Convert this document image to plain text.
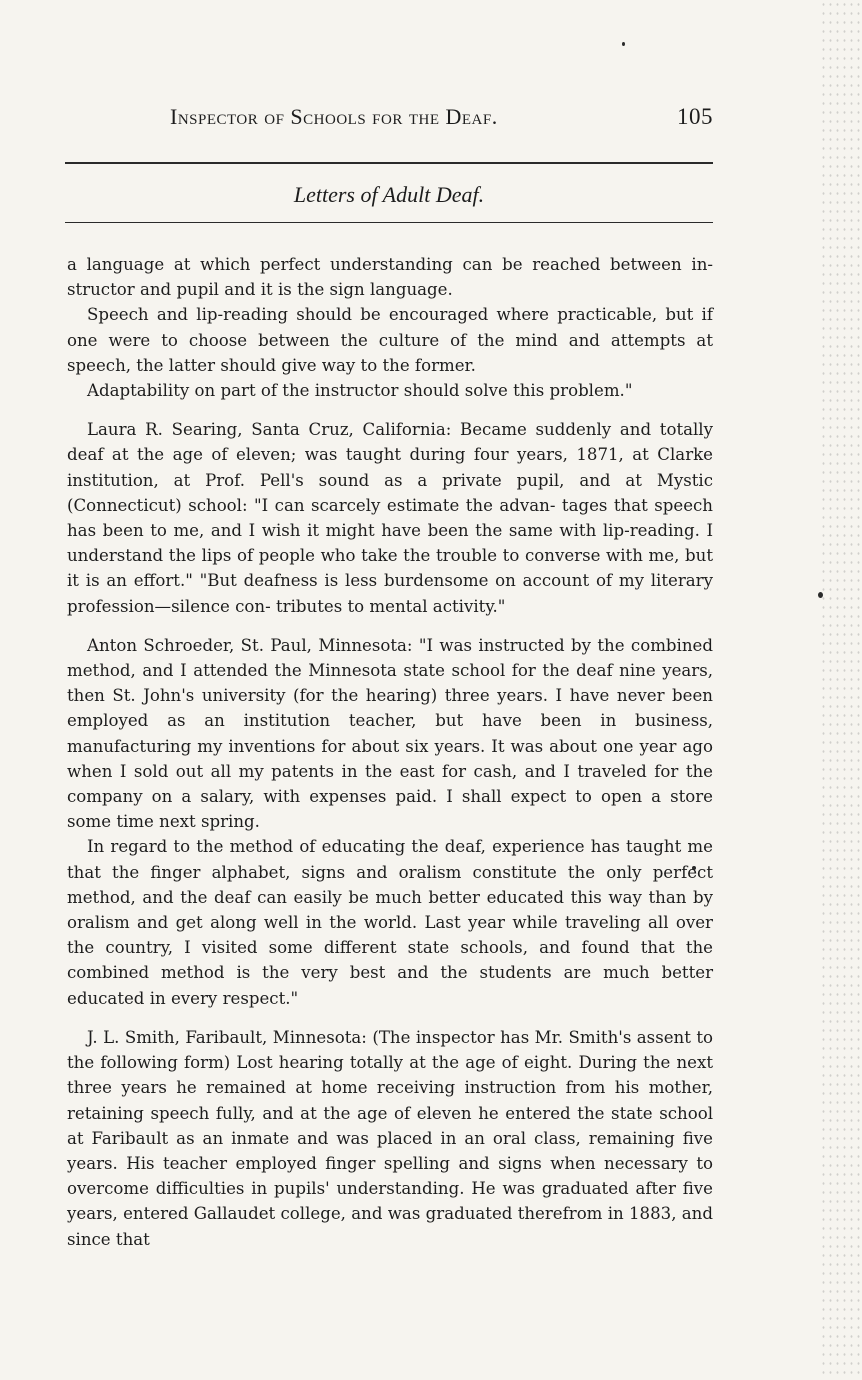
Inspector of Schools for the Deaf.	105
Letters of Adult Deaf.

a language at which perfect understanding can be reached between in- structor and pupil and it is the sign language.

Speech and lip-reading should be encouraged where practicable, but if one were to choose between the culture of the mind and attempts at speech, the latter should give way to the former.

Adaptability on part of the instructor should solve this problem."

Laura R. Searing, Santa Cruz, California: Became suddenly and totally deaf at the age of eleven; was taught during four years, 1871, at Clarke institution, at Prof. Pell's sound as a private pupil, and at Mystic (Connecticut) school: "I can scarcely estimate the advan- tages that speech has been to me, and I wish it might have been the same with lip-reading. I understand the lips of people who take the trouble to converse with me, but it is an effort." "But deafness is less burdensome on account of my literary profession—silence con- tributes to mental activity."

Anton Schroeder, St. Paul, Minnesota: "I was instructed by the combined method, and I attended the Minnesota state school for the deaf nine years, then St. John's university (for the hearing) three years. I have never been employed as an institution teacher, but have been in business, manufacturing my inventions for about six years. It was about one year ago when I sold out all my patents in the east for cash, and I traveled for the company on a salary, with expenses paid. I shall expect to open a store some time next spring.

In regard to the method of educating the deaf, experience has taught me that the finger alphabet, signs and oralism constitute the only perfect method, and the deaf can easily be much better educated this way than by oralism and get along well in the world. Last year while traveling all over the country, I visited some different state schools, and found that the combined method is the very best and the students are much better educated in every respect."

J. L. Smith, Faribault, Minnesota: (The inspector has Mr. Smith's assent to the following form) Lost hearing totally at the age of eight. During the next three years he remained at home receiving instruction from his mother, retaining speech fully, and at the age of eleven he entered the state school at Faribault as an inmate and was placed in an oral class, remaining five years. His teacher employed finger spelling and signs when necessary to overcome difficulties in pupils' understanding. He was graduated after five years, entered Gallaudet college, and was graduated therefrom in 1883, and since that
